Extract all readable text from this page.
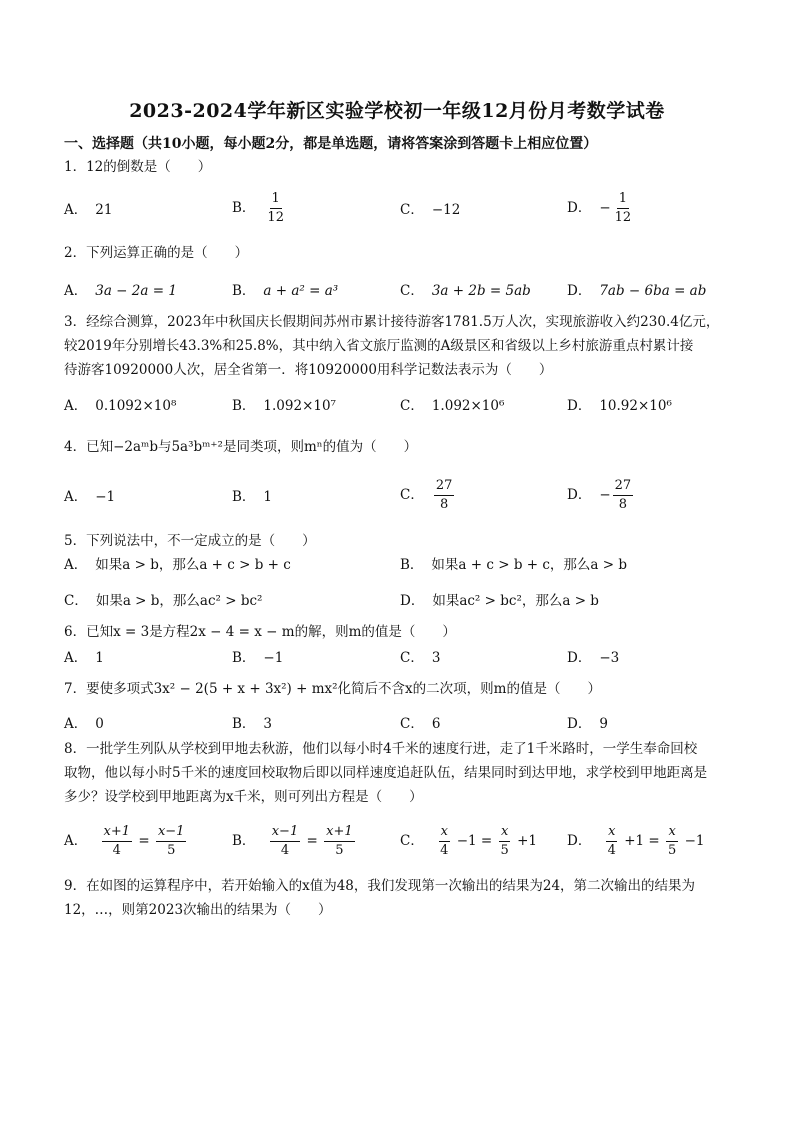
2023-2024学年新区实验学校初一年级12月份月考数学试卷
一、选择题（共10小题，每小题2分，都是单选题，请将答案涂到答题卡上相应位置）
1．12的倒数是（　　）
A． 21	B． $\frac{1}{12}$	C． −12	D． − $\frac{1}{12}$
2．下列运算正确的是（　　）
A． 3a − 2a = 1	B． a + a² = a³	C． 3a + 2b = 5ab	D． 7ab − 6ba = ab
3．经综合测算，2023年中秋国庆长假期间苏州市累计接待游客1781.5万人次，实现旅游收入约230.4亿元，
较2019年分别增长43.3%和25.8%，其中纳入省文旅厅监测的A级景区和省级以上乡村旅游重点村累计接
待游客10920000人次，居全省第一．将10920000用科学记数法表示为（　　）
A． 0.1092×10⁸	B． 1.092×10⁷	C． 1.092×10⁶	D． 10.92×10⁶
4．已知−2aᵐb与5a³bᵐ⁺²是同类项，则mⁿ的值为（　　）
A． −1	B． 1	C． $\frac{27}{8}$	D． − $\frac{27}{8}$
5．下列说法中，不一定成立的是（　　）
A． 如果a > b，那么a + c > b + c	B． 如果a + c > b + c，那么a > b
C． 如果a > b，那么ac² > bc²	D． 如果ac² > bc²，那么a > b
6．已知x = 3是方程2x − 4 = x − m的解，则m的值是（　　）
A． 1	B． −1	C． 3	D． −3
7．要使多项式3x² − 2(5 + x + 3x²) + mx²化简后不含x的二次项，则m的值是（　　）
A． 0	B． 3	C． 6	D． 9
8．一批学生列队从学校到甲地去秋游，他们以每小时4千米的速度行进，走了1千米路时，一学生奉命回校
取物，他以每小时5千米的速度回校取物后即以同样速度追赶队伍，结果同时到达甲地，求学校到甲地距离是
多少？设学校到甲地距离为x千米，则可列出方程是（　　）
A． $\frac{x+1}{4} = \frac{x-1}{5}$	B． $\frac{x-1}{4} = \frac{x+1}{5}$	C． $\frac{x}{4} -1 = \frac{x}{5} +1$ D． $\frac{x}{4} +1 = \frac{x}{5} -1$
9．在如图的运算程序中，若开始输入的x值为48，我们发现第一次输出的结果为24，第二次输出的结果为
12，…，则第2023次输出的结果为（　　）
